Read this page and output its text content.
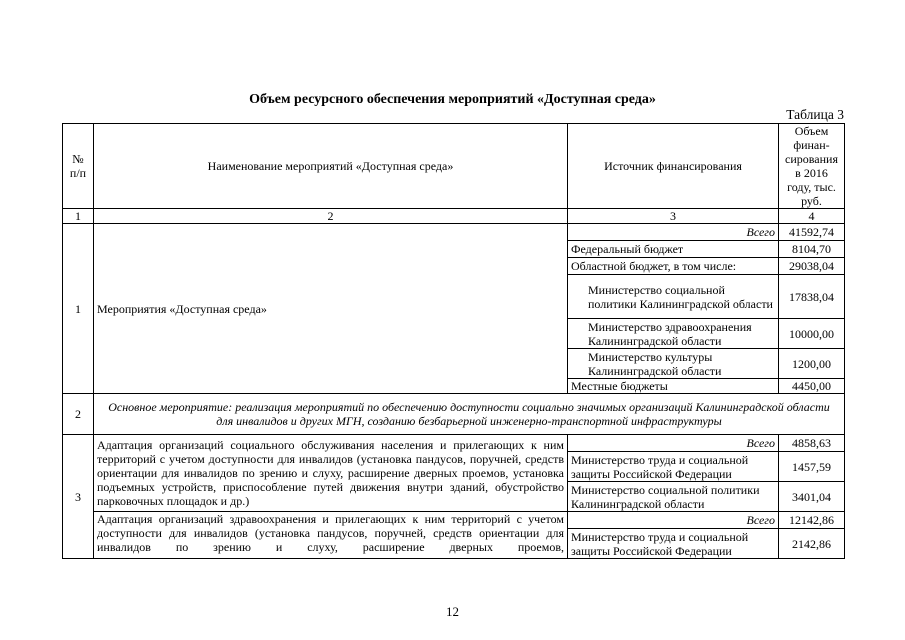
Объем ресурсного обеспечения мероприятий «Доступная среда»
Таблица 3
№ п/п	Наименование мероприятий «Доступная среда»	Источник финансирования	Объем финан-сирования в 2016 году, тыс. руб.
1	2	3	4
1	Мероприятия «Доступная среда»	Всего	41592,74
		Федеральный бюджет	8104,70
		Областной бюджет, в том числе:	29038,04
		Министерство социальной политики Калининградской области	17838,04
		Министерство здравоохранения Калининградской области	10000,00
		Министерство культуры Калининградской области	1200,00
		Местные бюджеты	4450,00
2	Основное мероприятие: реализация мероприятий по обеспечению доступности социально значимых организаций Калининградской области для инвалидов и других МГН, созданию безбарьерной инженерно-транспортной инфраструктуры		
3	Адаптация организаций социального обслуживания населения и прилегающих к ним территорий с учетом доступности для инвалидов (установка пандусов, поручней, средств ориентации для инвалидов по зрению и слуху, расширение дверных проемов, установка подъемных устройств, приспособление путей движения внутри зданий, обустройство парковочных площадок и др.)	Всего	4858,63
		Министерство труда и социальной защиты Российской Федерации	1457,59
		Министерство социальной политики Калининградской области	3401,04
	Адаптация организаций здравоохранения и прилегающих к ним территорий с учетом доступности для инвалидов (установка пандусов, поручней, средств ориентации для инвалидов по зрению и слуху, расширение дверных проемов,	Всего	12142,86
		Министерство труда и социальной защиты Российской Федерации	2142,86
12
